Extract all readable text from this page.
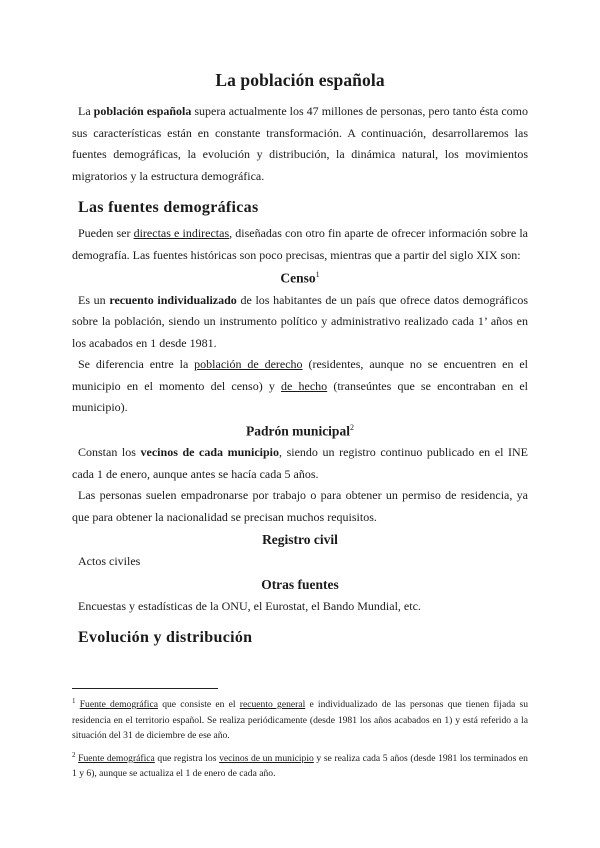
La población española

La población española supera actualmente los 47 millones de personas, pero tanto ésta como sus características están en constante transformación. A continuación, desarrollaremos las fuentes demográficas, la evolución y distribución, la dinámica natural, los movimientos migratorios y la estructura demográfica.

Las fuentes demográficas

Pueden ser directas e indirectas, diseñadas con otro fin aparte de ofrecer información sobre la demografía. Las fuentes históricas son poco precisas, mientras que a partir del siglo XIX son:

Censo$^1$

Es un recuento individualizado de los habitantes de un país que ofrece datos demográficos sobre la población, siendo un instrumento político y administrativo realizado cada 1’ años en los acabados en 1 desde 1981.

Se diferencia entre la población de derecho (residentes, aunque no se encuentren en el municipio en el momento del censo) y de hecho (transeúntes que se encontraban en el municipio).

Padrón municipal$^2$

Constan los vecinos de cada municipio, siendo un registro continuo publicado en el INE cada 1 de enero, aunque antes se hacía cada 5 años.

Las personas suelen empadronarse por trabajo o para obtener un permiso de residencia, ya que para obtener la nacionalidad se precisan muchos requisitos.

Registro civil

Actos civiles

Otras fuentes

Encuestas y estadísticas de la ONU, el Eurostat, el Bando Mundial, etc.

Evolución y distribución

$^1$ Fuente demográfica que consiste en el recuento general e individualizado de las personas que tienen fijada su residencia en el territorio español. Se realiza periódicamente (desde 1981 los años acabados en 1) y está referido a la situación del 31 de diciembre de ese año.

$^2$ Fuente demográfica que registra los vecinos de un municipio y se realiza cada 5 años (desde 1981 los terminados en 1 y 6), aunque se actualiza el 1 de enero de cada año.
